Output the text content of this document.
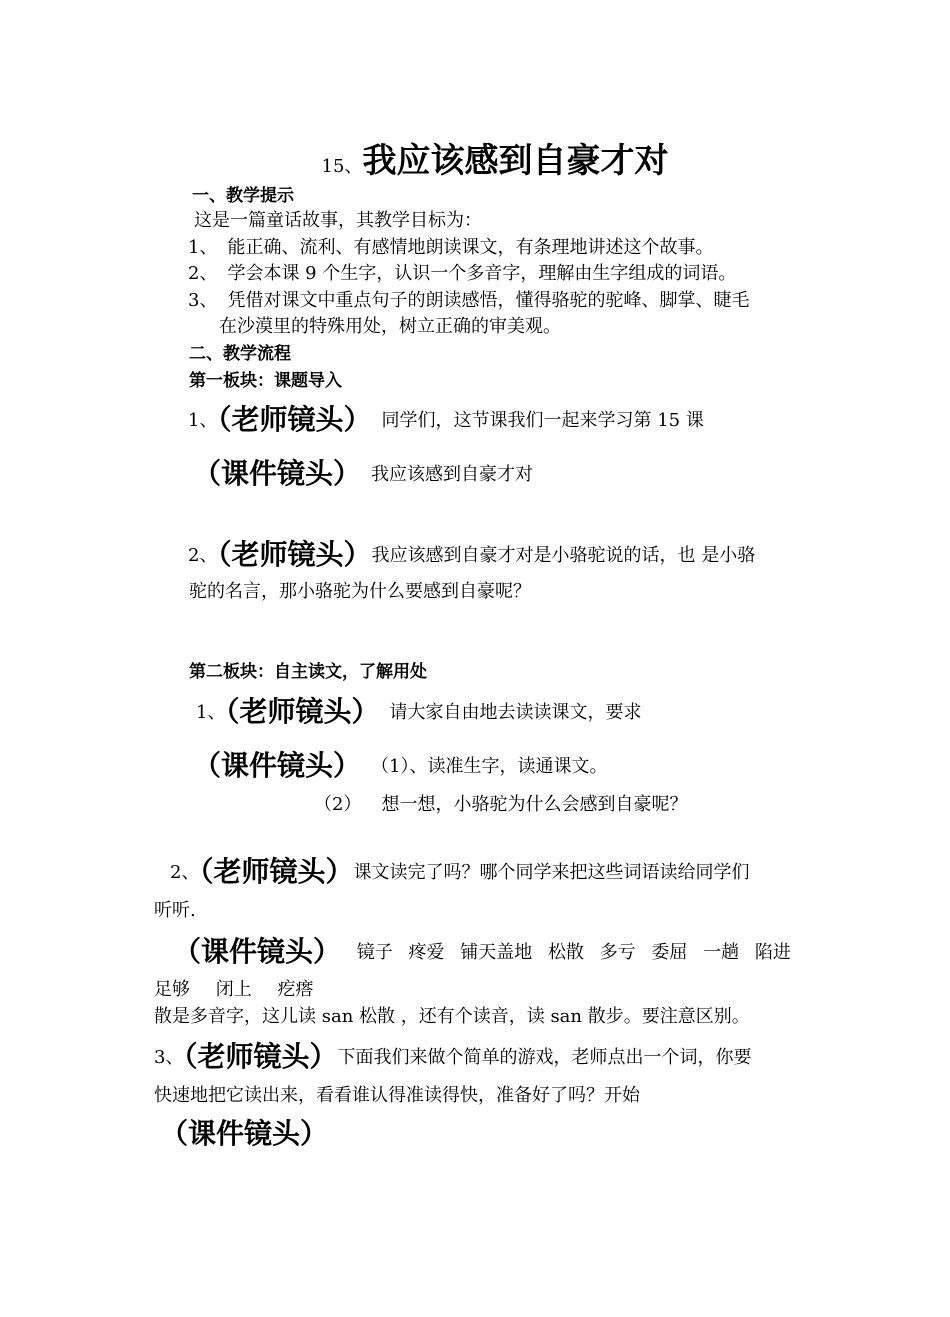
15、我应该感到自豪才对
一、教学提示
这是一篇童话故事，其教学目标为：
1、 能正确、流利、有感情地朗读课文，有条理地讲述这个故事。
2、 学会本课 9 个生字，认识一个多音字，理解由生字组成的词语。
3、 凭借对课文中重点句子的朗读感悟，懂得骆驼的驼峰、脚掌、睫毛
在沙漠里的特殊用处，树立正确的审美观。
二、教学流程
第一板块：课题导入
1、（老师镜头） 同学们，这节课我们一起来学习第 15 课
（课件镜头） 我应该感到自豪才对
2、（老师镜头）我应该感到自豪才对是小骆驼说的话，也 是小骆
驼的名言，那小骆驼为什么要感到自豪呢？
第二板块：自主读文，了解用处
1、（老师镜头） 请大家自由地去读读课文，要求
（课件镜头） （1）、读准生字，读通课文。
（2） 想一想，小骆驼为什么会感到自豪呢？
2、（老师镜头）课文读完了吗？哪个同学来把这些词语读给同学们
听听.
（课件镜头） 镜子 疼爱 铺天盖地 松散 多亏 委屈 一趟 陷进
足够 闭上 疙瘩
散是多音字，这儿读 san 松散 ，还有个读音，读 san 散步。要注意区别。
3、（老师镜头）下面我们来做个简单的游戏，老师点出一个词，你要
快速地把它读出来，看看谁认得准读得快，准备好了吗？开始
（课件镜头）
